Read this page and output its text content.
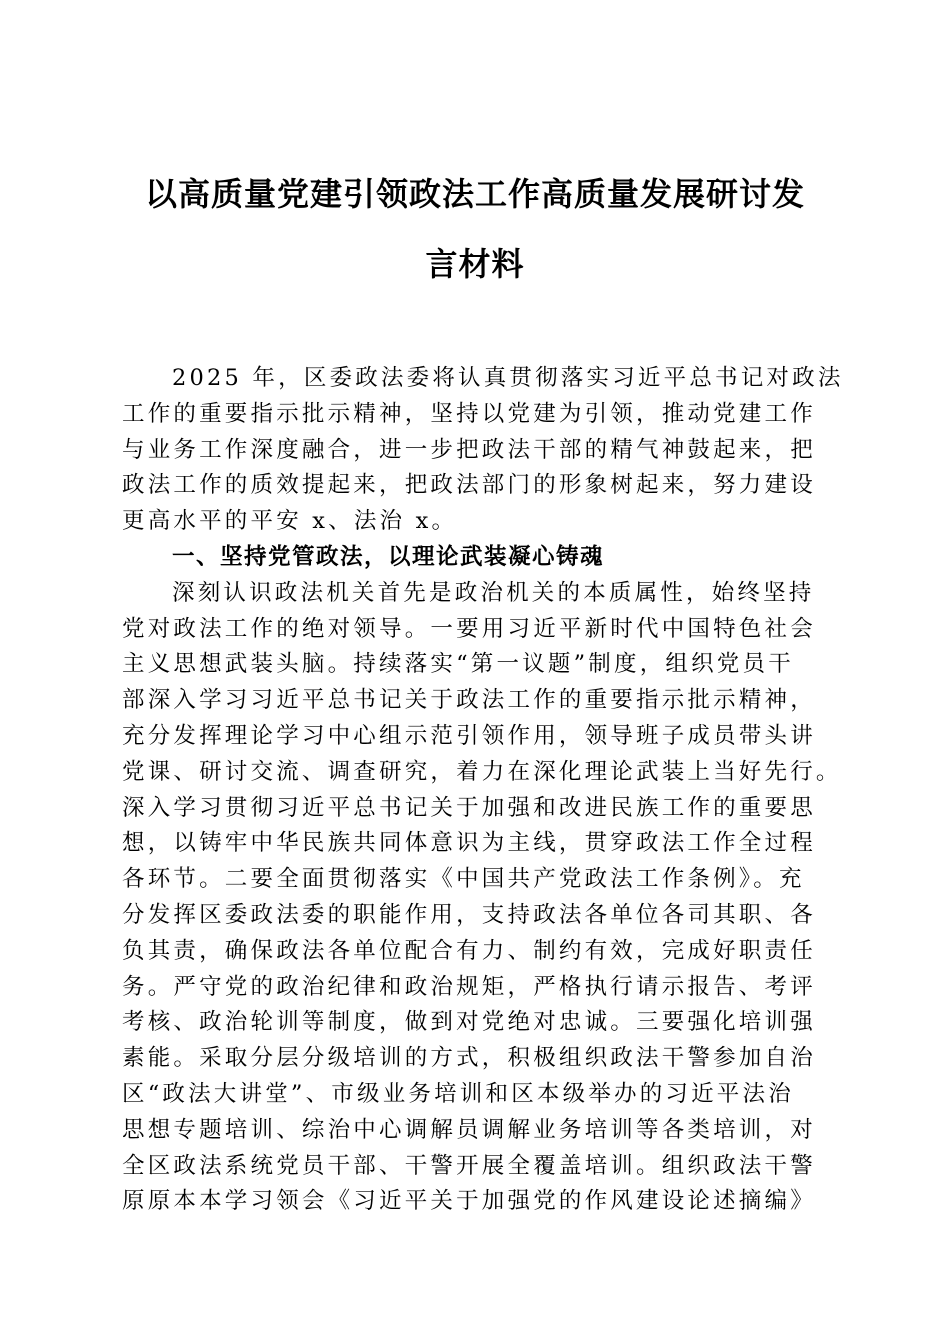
以高质量党建引领政法工作高质量发展研讨发
言材料
2025 年，区委政法委将认真贯彻落实习近平总书记对政法
工作的重要指示批示精神，坚持以党建为引领，推动党建工作
与业务工作深度融合，进一步把政法干部的精气神鼓起来，把
政法工作的质效提起来，把政法部门的形象树起来，努力建设
更高水平的平安 x、法治 x。
一、坚持党管政法，以理论武装凝心铸魂
深刻认识政法机关首先是政治机关的本质属性，始终坚持
党对政法工作的绝对领导。一要用习近平新时代中国特色社会
主义思想武装头脑。持续落实“第一议题”制度，组织党员干
部深入学习习近平总书记关于政法工作的重要指示批示精神，
充分发挥理论学习中心组示范引领作用，领导班子成员带头讲
党课、研讨交流、调查研究，着力在深化理论武装上当好先行。
深入学习贯彻习近平总书记关于加强和改进民族工作的重要思
想，以铸牢中华民族共同体意识为主线，贯穿政法工作全过程
各环节。二要全面贯彻落实《中国共产党政法工作条例》。充
分发挥区委政法委的职能作用，支持政法各单位各司其职、各
负其责，确保政法各单位配合有力、制约有效，完成好职责任
务。严守党的政治纪律和政治规矩，严格执行请示报告、考评
考核、政治轮训等制度，做到对党绝对忠诚。三要强化培训强
素能。采取分层分级培训的方式，积极组织政法干警参加自治
区“政法大讲堂”、市级业务培训和区本级举办的习近平法治
思想专题培训、综治中心调解员调解业务培训等各类培训，对
全区政法系统党员干部、干警开展全覆盖培训。组织政法干警
原原本本学习领会《习近平关于加强党的作风建设论述摘编》
